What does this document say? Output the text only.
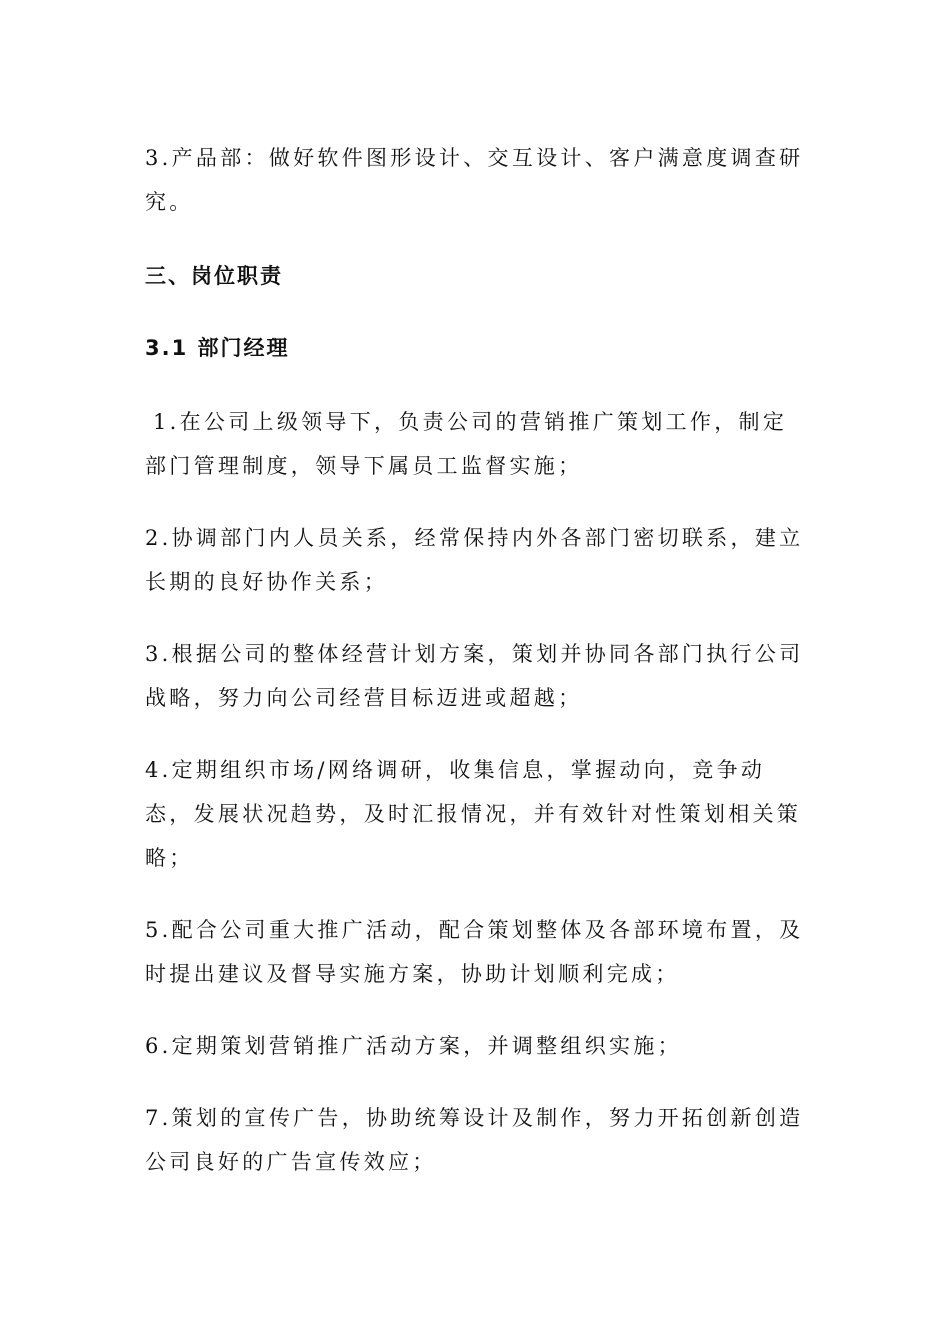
3.产品部：做好软件图形设计、交互设计、客户满意度调查研究。

三、岗位职责

3.1 部门经理

1.在公司上级领导下，负责公司的营销推广策划工作，制定部门管理制度，领导下属员工监督实施；

2.协调部门内人员关系，经常保持内外各部门密切联系，建立长期的良好协作关系；

3.根据公司的整体经营计划方案，策划并协同各部门执行公司战略，努力向公司经营目标迈进或超越；

4.定期组织市场/网络调研，收集信息，掌握动向，竞争动态，发展状况趋势，及时汇报情况，并有效针对性策划相关策略；

5.配合公司重大推广活动，配合策划整体及各部环境布置，及时提出建议及督导实施方案，协助计划顺利完成；

6.定期策划营销推广活动方案，并调整组织实施；

7.策划的宣传广告，协助统筹设计及制作，努力开拓创新创造公司良好的广告宣传效应；
